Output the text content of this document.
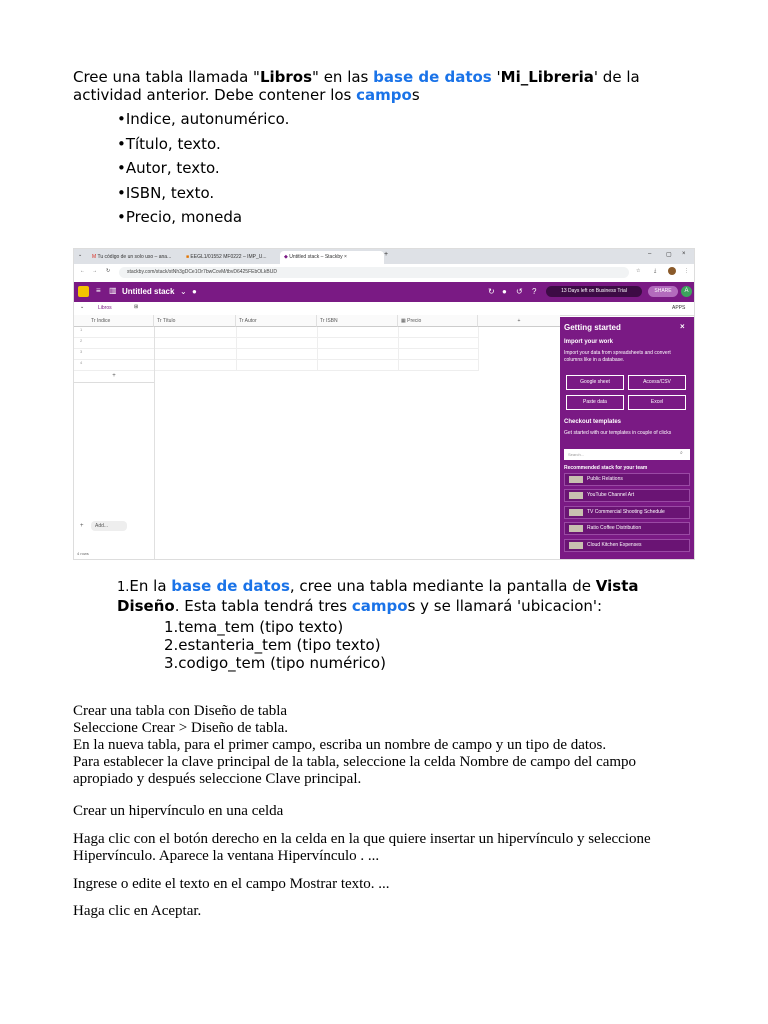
Cree una tabla llamada "Libros" en las base de datos 'Mi_Libreria' de la
actividad anterior. Debe contener los campos
•Indice, autonumérico.
•Título, texto.
•Autor, texto.
•ISBN, texto.
•Precio, moneda
⌄	M Tu código de un solo uso – ana...	■ EEGL1/01552 MF0222 – IMP_U...	◆ Untitled stack – Stackby ×	+	– ▢ ×
← → ↻	stackby.com/stack/stNh3gDCe1Or7bwCovM/tbvD6425FEbOLkBUD	☆	⤓	⋮
≡ ▥ Untitled stack ⌄ ●	↻ ● ↺ ?	13 Days left on Business Trial	SHARE	A
⌄	Libros	⊞	APPS
Tr Indice	Tr Título	Tr Autor	Tr ISBN	▦ Precio	+
1
2
3
4
+
+	Add...
4 rows
Getting started	×
Import your work
Import your data from spreadsheets and convert columns like in a database.
Google sheet	Access/CSV
Paste data	Excel
Checkout templates
Get started with our templates in couple of clicks
Search...	⌕
Recommended stack for your team
Public Relations
YouTube Channel Art
TV Commercial Shooting Schedule
Ratio Coffee Distribution
Cloud Kitchen Expenses
1.En la base de datos, cree una tabla mediante la pantalla de Vista
Diseño. Esta tabla tendrá tres campos y se llamará 'ubicacion':
1.tema_tem (tipo texto)
2.estanteria_tem (tipo texto)
3.codigo_tem (tipo numérico)
Crear una tabla con Diseño de tabla
Seleccione Crear > Diseño de tabla.
En la nueva tabla, para el primer campo, escriba un nombre de campo y un tipo de datos.
Para establecer la clave principal de la tabla, seleccione la celda Nombre de campo del campo
apropiado y después seleccione Clave principal.
Crear un hipervínculo en una celda
Haga clic con el botón derecho en la celda en la que quiere insertar un hipervínculo y seleccione
Hipervínculo. Aparece la ventana Hipervínculo . ...
Ingrese o edite el texto en el campo Mostrar texto. ...
Haga clic en Aceptar.
